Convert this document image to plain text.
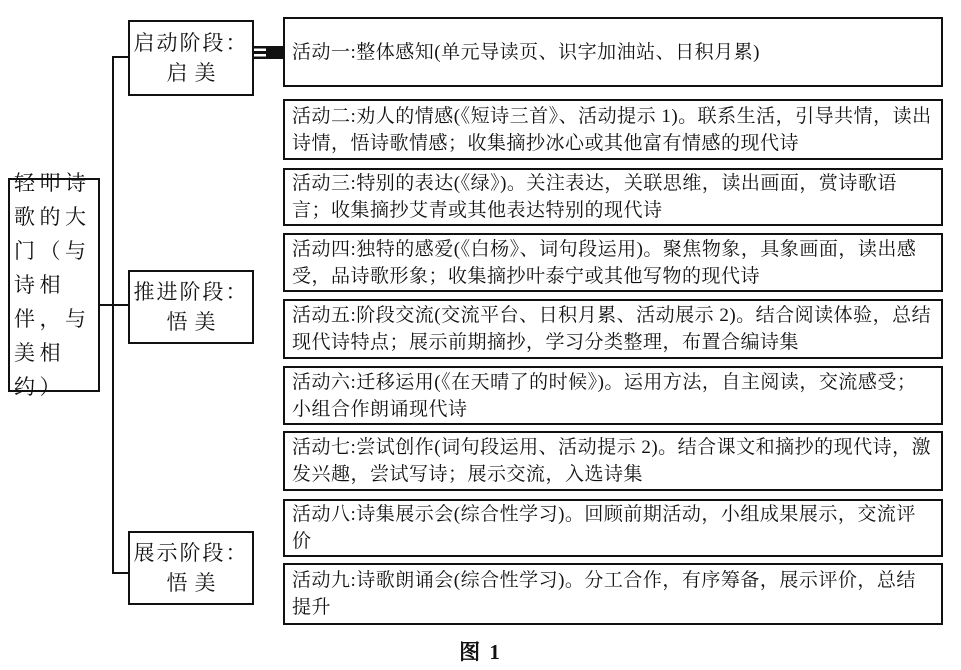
轻叩诗歌的大门（与诗相伴，与美相约）
启动阶段：
启美
推进阶段：
悟美
展示阶段：
悟美
活动一:整体感知(单元导读页、识字加油站、日积月累)
活动二:劝人的情感(《短诗三首》、活动提示 1)。联系生活，引导共情，读出诗情，悟诗歌情感；收集摘抄冰心或其他富有情感的现代诗
活动三:特别的表达(《绿》)。关注表达，关联思维，读出画面，赏诗歌语言；收集摘抄艾青或其他表达特别的现代诗
活动四:独特的感爱(《白杨》、词句段运用)。聚焦物象，具象画面，读出感受，品诗歌形象；收集摘抄叶泰宁或其他写物的现代诗
活动五:阶段交流(交流平台、日积月累、活动展示 2)。结合阅读体验，总结现代诗特点；展示前期摘抄，学习分类整理，布置合编诗集
活动六:迁移运用(《在天晴了的时候》)。运用方法，自主阅读，交流感受；小组合作朗诵现代诗
活动七:尝试创作(词句段运用、活动提示 2)。结合课文和摘抄的现代诗，激发兴趣，尝试写诗；展示交流，入选诗集
活动八:诗集展示会(综合性学习)。回顾前期活动，小组成果展示，交流评价
活动九:诗歌朗诵会(综合性学习)。分工合作，有序筹备，展示评价，总结提升
图 1
